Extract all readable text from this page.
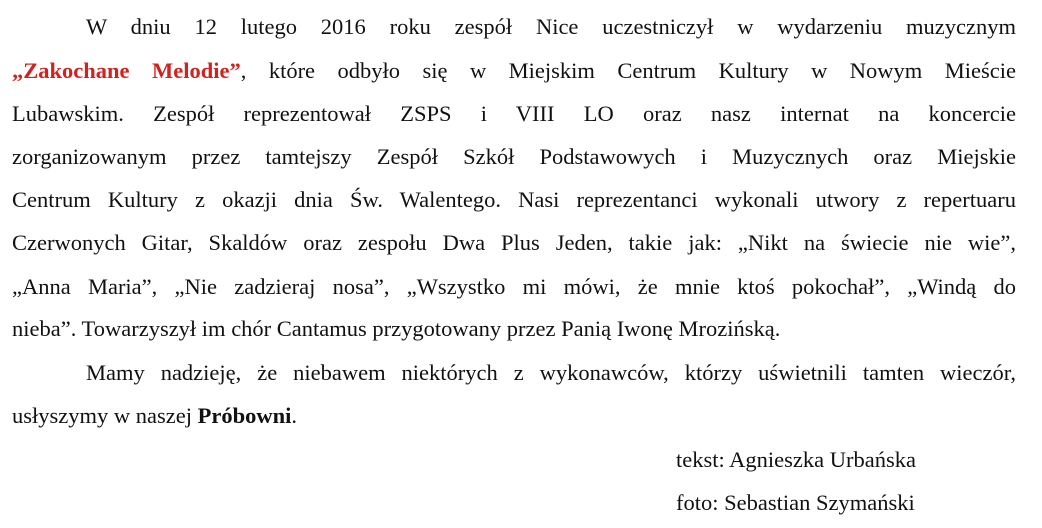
W dniu 12 lutego 2016 roku zespół Nice uczestniczył w wydarzeniu muzycznym
„Zakochane Melodie”, które odbyło się w Miejskim Centrum Kultury w Nowym Mieście
Lubawskim. Zespół reprezentował ZSPS i VIII LO oraz nasz internat na koncercie
zorganizowanym przez tamtejszy Zespół Szkół Podstawowych i Muzycznych oraz Miejskie
Centrum Kultury z okazji dnia Św. Walentego. Nasi reprezentanci wykonali utwory z repertuaru
Czerwonych Gitar, Skaldów oraz zespołu Dwa Plus Jeden, takie jak: „Nikt na świecie nie wie”,
„Anna Maria”, „Nie zadzieraj nosa”, „Wszystko mi mówi, że mnie ktoś pokochał”, „Windą do
nieba”. Towarzyszył im chór Cantamus przygotowany przez Panią Iwonę Mrozińską.
Mamy nadzieję, że niebawem niektórych z wykonawców, którzy uświetnili tamten wieczór,
usłyszymy w naszej Próbowni.
tekst: Agnieszka Urbańska
foto: Sebastian Szymański
